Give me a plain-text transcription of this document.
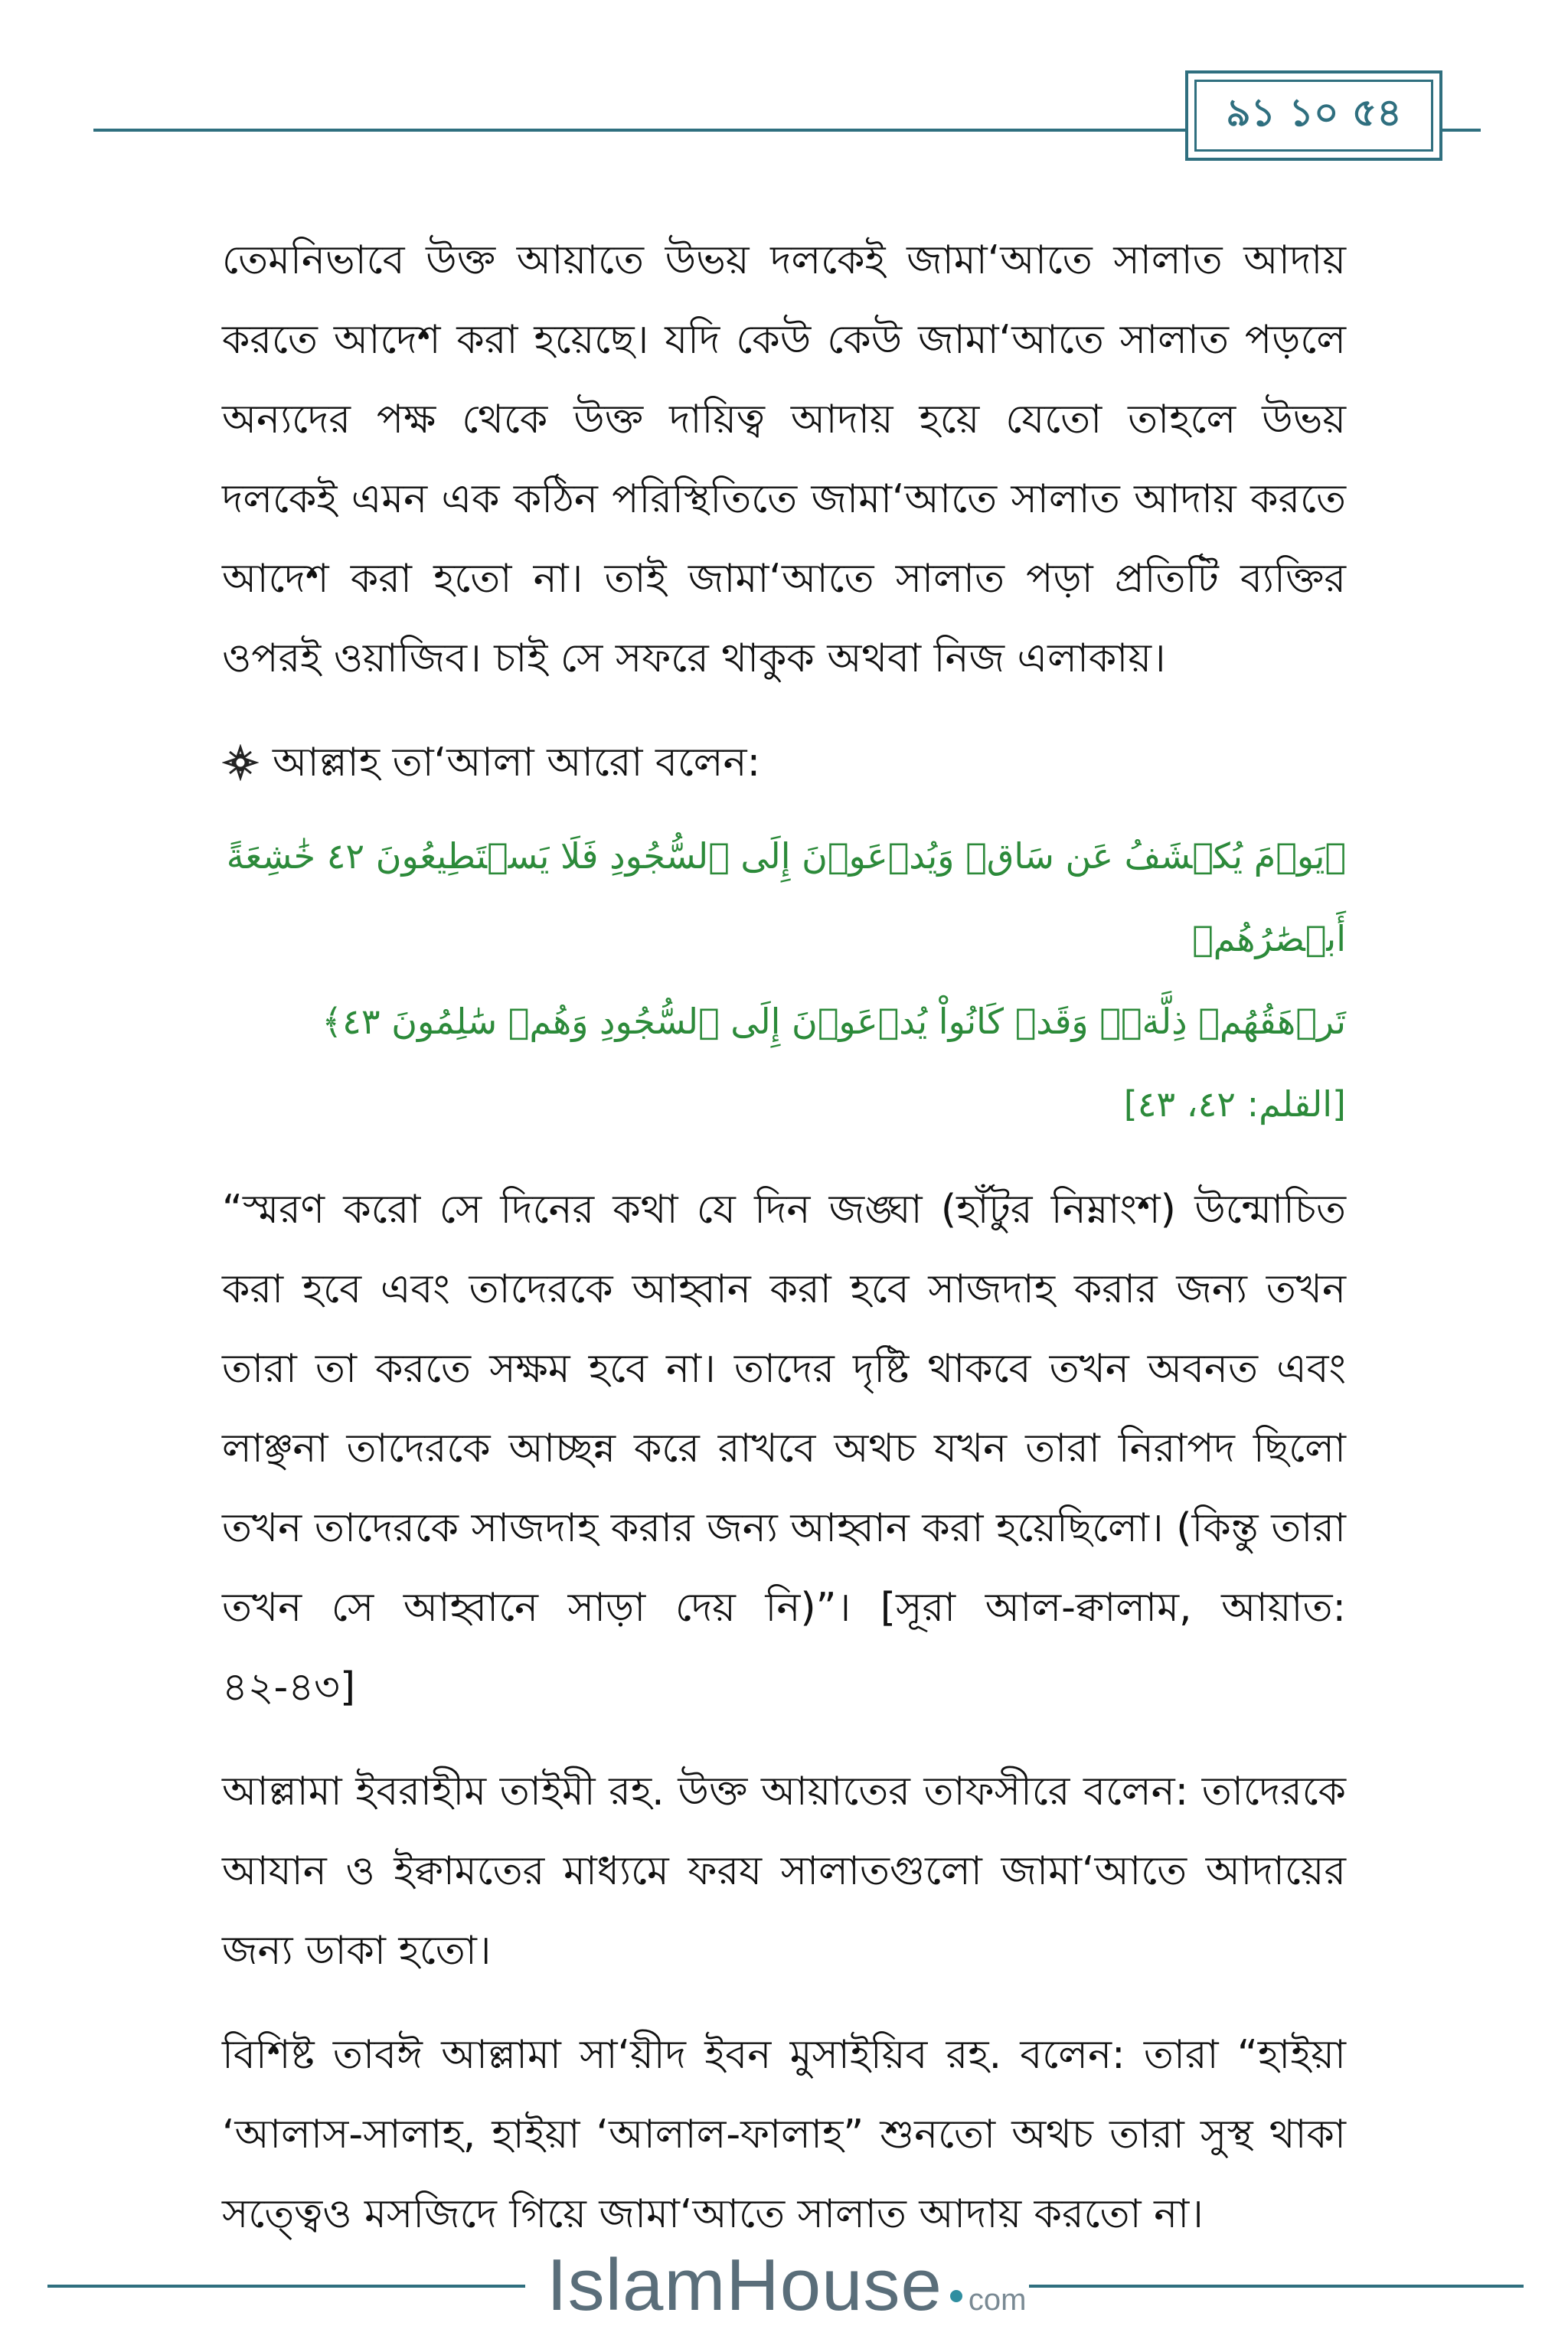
৯১ ১০ ৫৪

তেমনিভাবে উক্ত আয়াতে উভয় দলকেই জামা‘আতে সালাত আদায় করতে আদেশ করা হয়েছে। যদি কেউ কেউ জামা‘আতে সালাত পড়লে অন্যদের পক্ষ থেকে উক্ত দায়িত্ব আদায় হয়ে যেতো তাহলে উভয় দলকেই এমন এক কঠিন পরিস্থিতিতে জামা‘আতে সালাত আদায় করতে আদেশ করা হতো না। তাই জামা‘আতে সালাত পড়া প্রতিটি ব্যক্তির ওপরই ওয়াজিব। চাই সে সফরে থাকুক অথবা নিজ এলাকায়।

আল্লাহ তা‘আলা আরো বলেন:

﴿يَوۡمَ يُكۡشَفُ عَن سَاقٖ وَيُدۡعَوۡنَ إِلَى ٱلسُّجُودِ فَلَا يَسۡتَطِيعُونَ ٤٢ خَٰشِعَةً أَبۡصَٰرُهُمۡ

تَرۡهَقُهُمۡ ذِلَّةٞۖ وَقَدۡ كَانُواْ يُدۡعَوۡنَ إِلَى ٱلسُّجُودِ وَهُمۡ سَٰلِمُونَ ٤٣﴾ [القلم: ٤٢، ٤٣]

“স্মরণ করো সে দিনের কথা যে দিন জঙ্ঘা (হাঁটুর নিম্নাংশ) উন্মোচিত করা হবে এবং তাদেরকে আহ্বান করা হবে সাজদাহ করার জন্য তখন তারা তা করতে সক্ষম হবে না। তাদের দৃষ্টি থাকবে তখন অবনত এবং লাঞ্ছনা তাদেরকে আচ্ছন্ন করে রাখবে অথচ যখন তারা নিরাপদ ছিলো তখন তাদেরকে সাজদাহ করার জন্য আহ্বান করা হয়েছিলো। (কিন্তু তারা তখন সে আহ্বানে সাড়া দেয় নি)”। [সূরা আল-ক্বালাম, আয়াত: ৪২-৪৩]

আল্লামা ইবরাহীম তাইমী রহ. উক্ত আয়াতের তাফসীরে বলেন: তাদেরকে আযান ও ইক্বামতের মাধ্যমে ফরয সালাতগুলো জামা‘আতে আদায়ের জন্য ডাকা হতো।

বিশিষ্ট তাবঈ আল্লামা সা‘য়ীদ ইবন মুসাইয়িব রহ. বলেন: তারা “হাইয়া ‘আলাস-সালাহ, হাইয়া ‘আলাল-ফালাহ” শুনতো অথচ তারা সুস্থ থাকা সত্ত্বেও মসজিদে গিয়ে জামা‘আতে সালাত আদায় করতো না।

IslamHouse com
